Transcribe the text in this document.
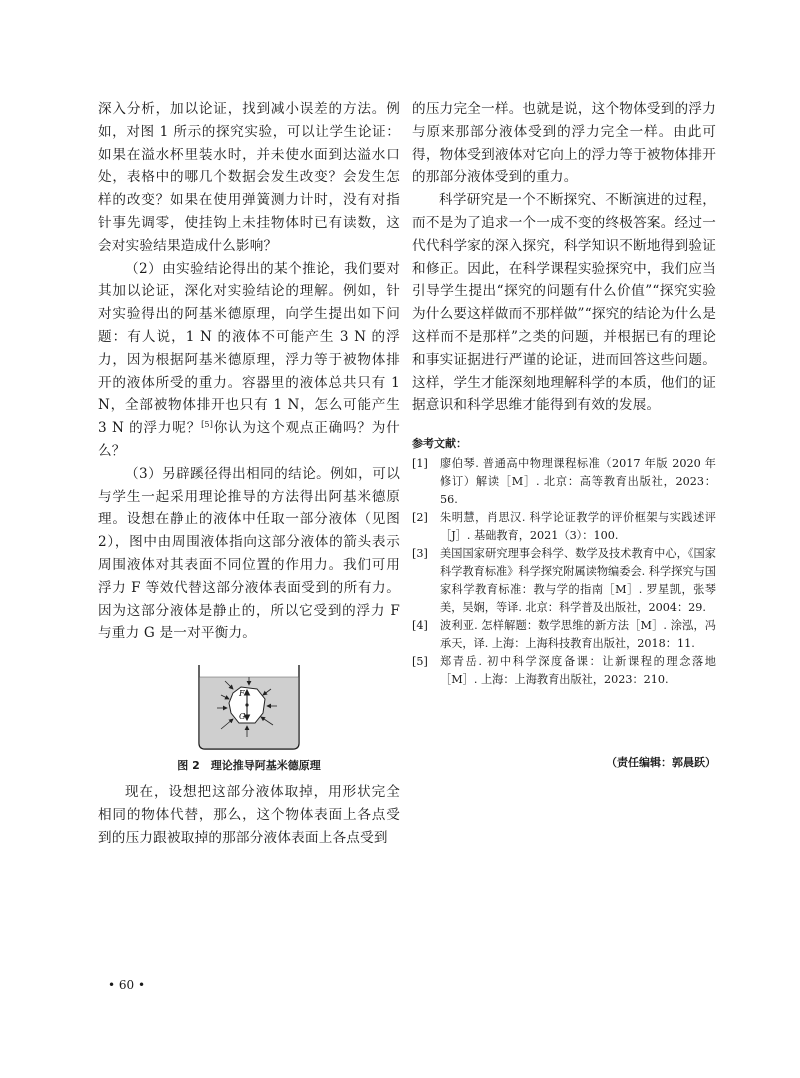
深入分析，加以论证，找到减小误差的方法。例如，对图 1 所示的探究实验，可以让学生论证：如果在溢水杯里装水时，并未使水面到达溢水口处，表格中的哪几个数据会发生改变？会发生怎样的改变？如果在使用弹簧测力计时，没有对指针事先调零，使挂钩上未挂物体时已有读数，这会对实验结果造成什么影响？

（2）由实验结论得出的某个推论，我们要对其加以论证，深化对实验结论的理解。例如，针对实验得出的阿基米德原理，向学生提出如下问题：有人说，1 N 的液体不可能产生 3 N 的浮力，因为根据阿基米德原理，浮力等于被物体排开的液体所受的重力。容器里的液体总共只有 1 N，全部被物体排开也只有 1 N，怎么可能产生 3 N 的浮力呢？[5]你认为这个观点正确吗？为什么？

（3）另辟蹊径得出相同的结论。例如，可以与学生一起采用理论推导的方法得出阿基米德原理。设想在静止的液体中任取一部分液体（见图 2），图中由周围液体指向这部分液体的箭头表示周围液体对其表面不同位置的作用力。我们可用浮力 F 等效代替这部分液体表面受到的所有力。因为这部分液体是静止的，所以它受到的浮力 F 与重力 G 是一对平衡力。

F
G
图 2　理论推导阿基米德原理

现在，设想把这部分液体取掉，用形状完全相同的物体代替，那么，这个物体表面上各点受到的压力跟被取掉的那部分液体表面上各点受到

的压力完全一样。也就是说，这个物体受到的浮力与原来那部分液体受到的浮力完全一样。由此可得，物体受到液体对它向上的浮力等于被物体排开的那部分液体受到的重力。

科学研究是一个不断探究、不断演进的过程，而不是为了追求一个一成不变的终极答案。经过一代代科学家的深入探究，科学知识不断地得到验证和修正。因此，在科学课程实验探究中，我们应当引导学生提出“探究的问题有什么价值”“探究实验为什么要这样做而不那样做”“探究的结论为什么是这样而不是那样”之类的问题，并根据已有的理论和事实证据进行严谨的论证，进而回答这些问题。这样，学生才能深刻地理解科学的本质，他们的证据意识和科学思维才能得到有效的发展。

参考文献：
[1]	廖伯琴. 普通高中物理课程标准（2017 年版 2020 年修订）解读［M］. 北京：高等教育出版社，2023：56.
[2]	朱明慧，肖思汉. 科学论证教学的评价框架与实践述评［J］. 基础教育，2021（3）：100.
[3]	美国国家研究理事会科学、数学及技术教育中心，《国家科学教育标准》科学探究附属读物编委会. 科学探究与国家科学教育标准：教与学的指南［M］. 罗星凯，张琴美，吴娴，等译. 北京：科学普及出版社，2004：29.
[4]	波利亚. 怎样解题：数学思维的新方法［M］. 涂泓，冯承天，译. 上海：上海科技教育出版社，2018：11.
[5]	郑青岳. 初中科学深度备课：让新课程的理念落地［M］. 上海：上海教育出版社，2023：210.
（责任编辑：郭晨跃）
• 60 •
